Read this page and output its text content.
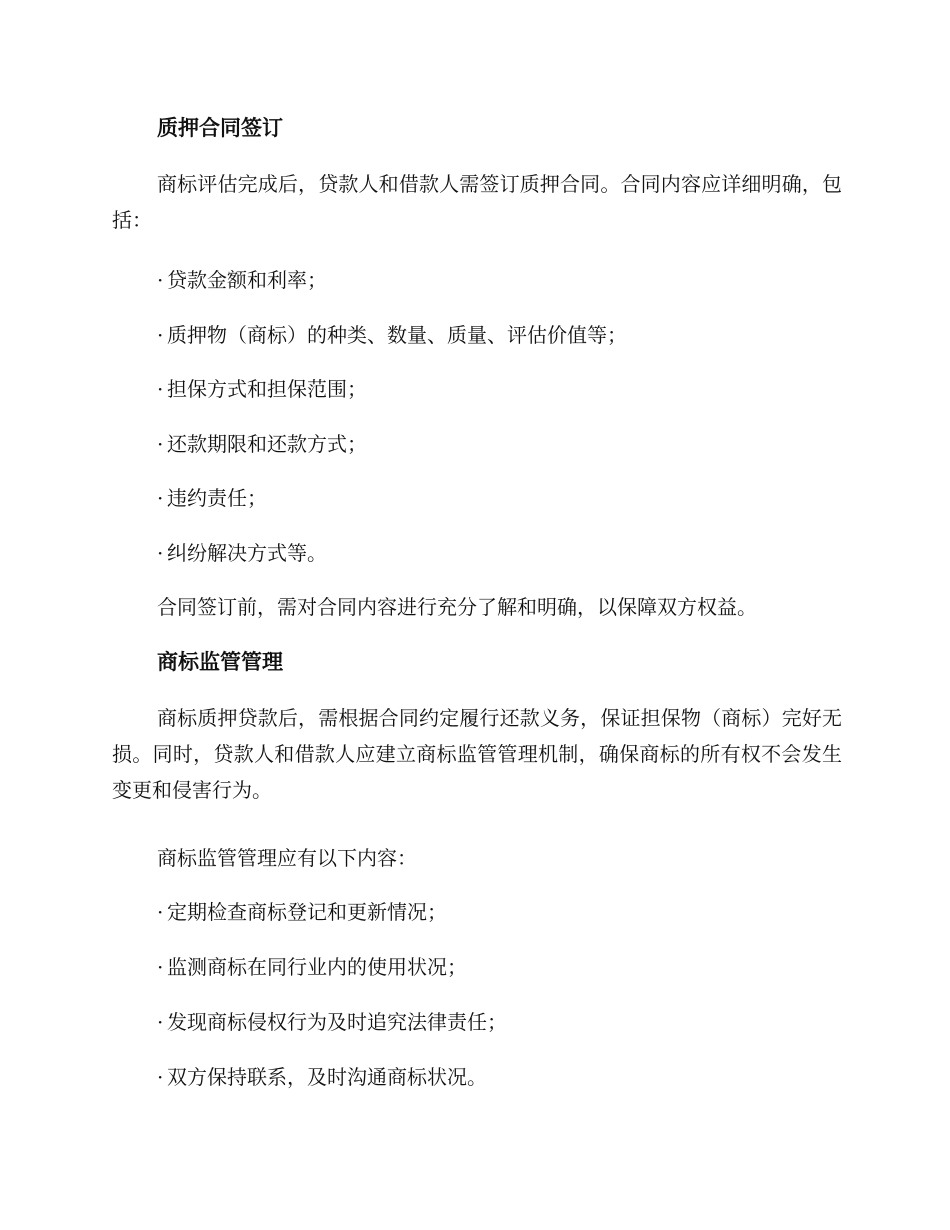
质押合同签订

商标评估完成后，贷款人和借款人需签订质押合同。合同内容应详细明确，包括：

· 贷款金额和利率；

· 质押物（商标）的种类、数量、质量、评估价值等；

· 担保方式和担保范围；

· 还款期限和还款方式；

· 违约责任；

· 纠纷解决方式等。

合同签订前，需对合同内容进行充分了解和明确，以保障双方权益。

商标监管管理

商标质押贷款后，需根据合同约定履行还款义务，保证担保物（商标）完好无损。同时，贷款人和借款人应建立商标监管管理机制，确保商标的所有权不会发生变更和侵害行为。

商标监管管理应有以下内容：

· 定期检查商标登记和更新情况；

· 监测商标在同行业内的使用状况；

· 发现商标侵权行为及时追究法律责任；

· 双方保持联系，及时沟通商标状况。
